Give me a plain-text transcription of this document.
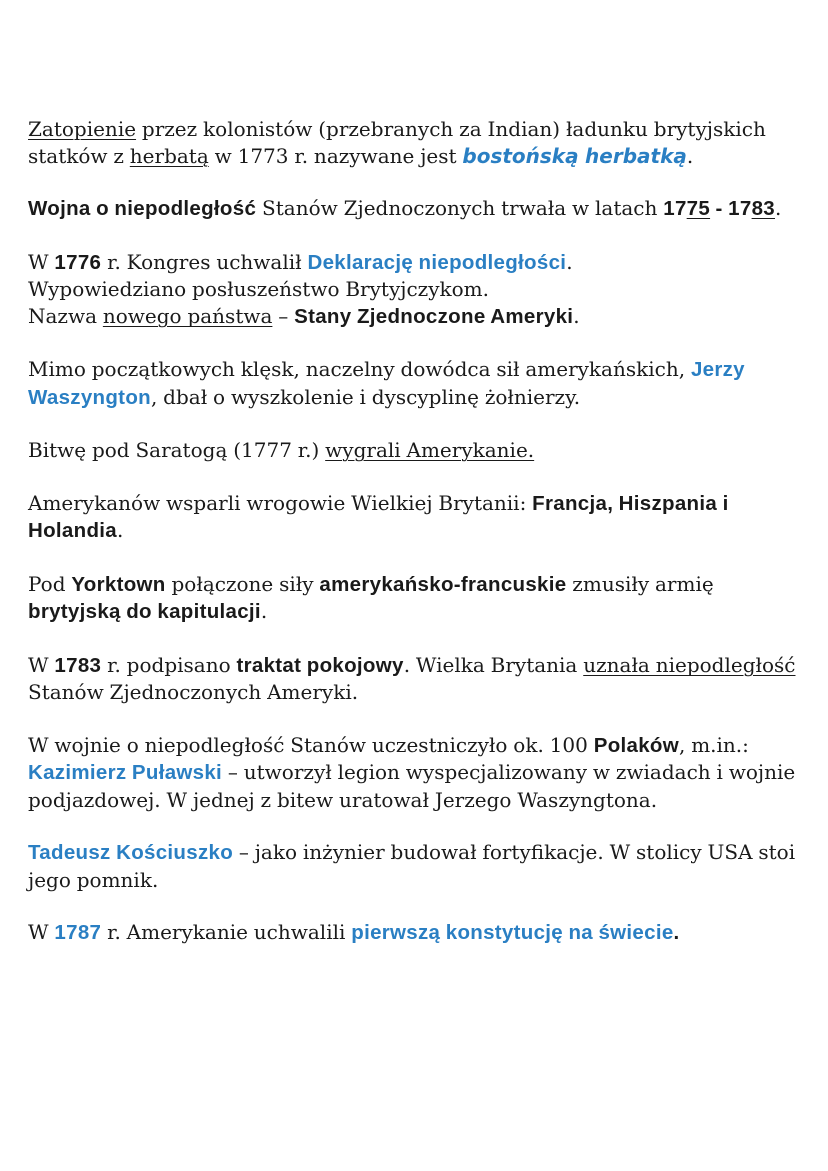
Zatopienie przez kolonistów (przebranych za Indian) ładunku brytyjskich statków z herbatą w 1773 r. nazywane jest bostońską herbatką.

Wojna o niepodległość Stanów Zjednoczonych trwała w latach 1775 - 1783.

W 1776 r. Kongres uchwalił Deklarację niepodległości.

Wypowiedziano posłuszeństwo Brytyjczykom.

Nazwa nowego państwa – Stany Zjednoczone Ameryki.

Mimo początkowych klęsk, naczelny dowódca sił amerykańskich, Jerzy Waszyngton, dbał o wyszkolenie i dyscyplinę żołnierzy.

Bitwę pod Saratogą (1777 r.) wygrali Amerykanie.

Amerykanów wsparli wrogowie Wielkiej Brytanii: Francja, Hiszpania i Holandia.

Pod Yorktown połączone siły amerykańsko-francuskie zmusiły armię brytyjską do kapitulacji.

W 1783 r. podpisano traktat pokojowy. Wielka Brytania uznała niepodległość Stanów Zjednoczonych Ameryki.

W wojnie o niepodległość Stanów uczestniczyło ok. 100 Polaków, m.in.:

Kazimierz Puławski – utworzył legion wyspecjalizowany w zwiadach i wojnie podjazdowej. W jednej z bitew uratował Jerzego Waszyngtona.

Tadeusz Kościuszko – jako inżynier budował fortyfikacje. W stolicy USA stoi jego pomnik.

W 1787 r. Amerykanie uchwalili pierwszą konstytucję na świecie.
